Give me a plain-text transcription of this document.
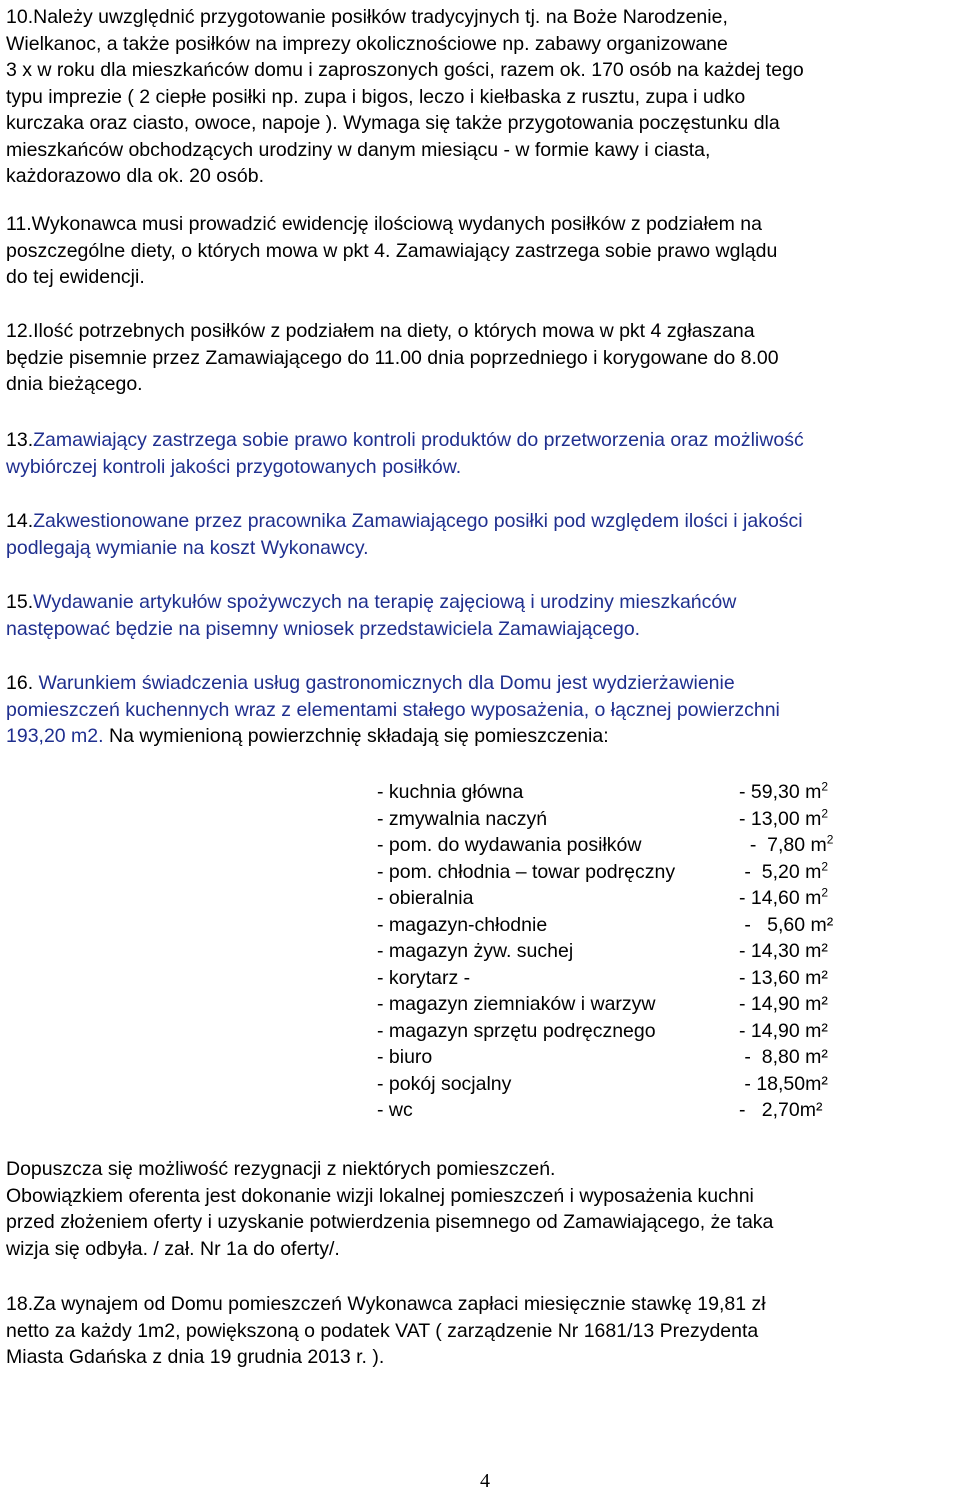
10.Należy uwzględnić przygotowanie posiłków tradycyjnych tj. na Boże Narodzenie,
Wielkanoc, a także posiłków na imprezy okolicznościowe np. zabawy organizowane
3 x w roku dla mieszkańców domu i zaproszonych gości, razem ok. 170 osób na każdej tego
typu imprezie ( 2 ciepłe posiłki np. zupa i bigos, leczo i kiełbaska z rusztu, zupa i udko
kurczaka oraz ciasto, owoce, napoje ). Wymaga się także przygotowania poczęstunku dla
mieszkańców obchodzących urodziny w danym miesiącu - w formie kawy i ciasta,
każdorazowo dla ok. 20 osób.
11.Wykonawca musi prowadzić ewidencję ilościową wydanych posiłków z podziałem na
poszczególne diety, o których mowa w pkt 4. Zamawiający zastrzega sobie prawo wglądu
do tej ewidencji.
12.Ilość potrzebnych posiłków z podziałem na diety, o których mowa w pkt 4 zgłaszana
będzie pisemnie przez Zamawiającego do 11.00 dnia poprzedniego i korygowane do 8.00
dnia bieżącego.
13.Zamawiający zastrzega sobie prawo kontroli produktów do przetworzenia oraz możliwość
wybiórczej kontroli jakości przygotowanych posiłków.
14.Zakwestionowane przez pracownika Zamawiającego posiłki pod względem ilości i jakości
podlegają wymianie na koszt Wykonawcy.
15.Wydawanie artykułów spożywczych na terapię zajęciową i urodziny mieszkańców
następować będzie na pisemny wniosek przedstawiciela Zamawiającego.
16. Warunkiem świadczenia usług gastronomicznych dla Domu jest wydzierżawienie
pomieszczeń kuchennych wraz z elementami stałego wyposażenia, o łącznej powierzchni
193,20 m2. Na wymienioną powierzchnię składają się pomieszczenia:
- kuchnia główna	- 59,30 $m^2$
- zmywalnia naczyń	- 13,00 $m^2$
- pom. do wydawania posiłków	-  7,80 $m^2$
- pom. chłodnia – towar podręczny	-  5,20 $m^2$
- obieralnia	- 14,60 $m^2$
- magazyn-chłodnie	-   5,60 m²
- magazyn żyw. suchej	- 14,30 m²
- korytarz -	- 13,60 m²
- magazyn ziemniaków i warzyw	- 14,90 m²
- magazyn sprzętu podręcznego	- 14,90 m²
- biuro	-  8,80 m²
- pokój socjalny	- 18,50m²
- wc	-   2,70m²
Dopuszcza się możliwość rezygnacji z niektórych pomieszczeń.
Obowiązkiem oferenta jest dokonanie wizji lokalnej pomieszczeń i wyposażenia kuchni
przed złożeniem oferty i uzyskanie potwierdzenia pisemnego od Zamawiającego, że taka
wizja się odbyła. / zał. Nr 1a do oferty/.
18.Za wynajem od Domu pomieszczeń Wykonawca zapłaci miesięcznie stawkę 19,81 zł
netto za każdy 1m2, powiększoną o podatek VAT ( zarządzenie Nr 1681/13 Prezydenta
Miasta Gdańska z dnia 19 grudnia 2013 r. ).
4
